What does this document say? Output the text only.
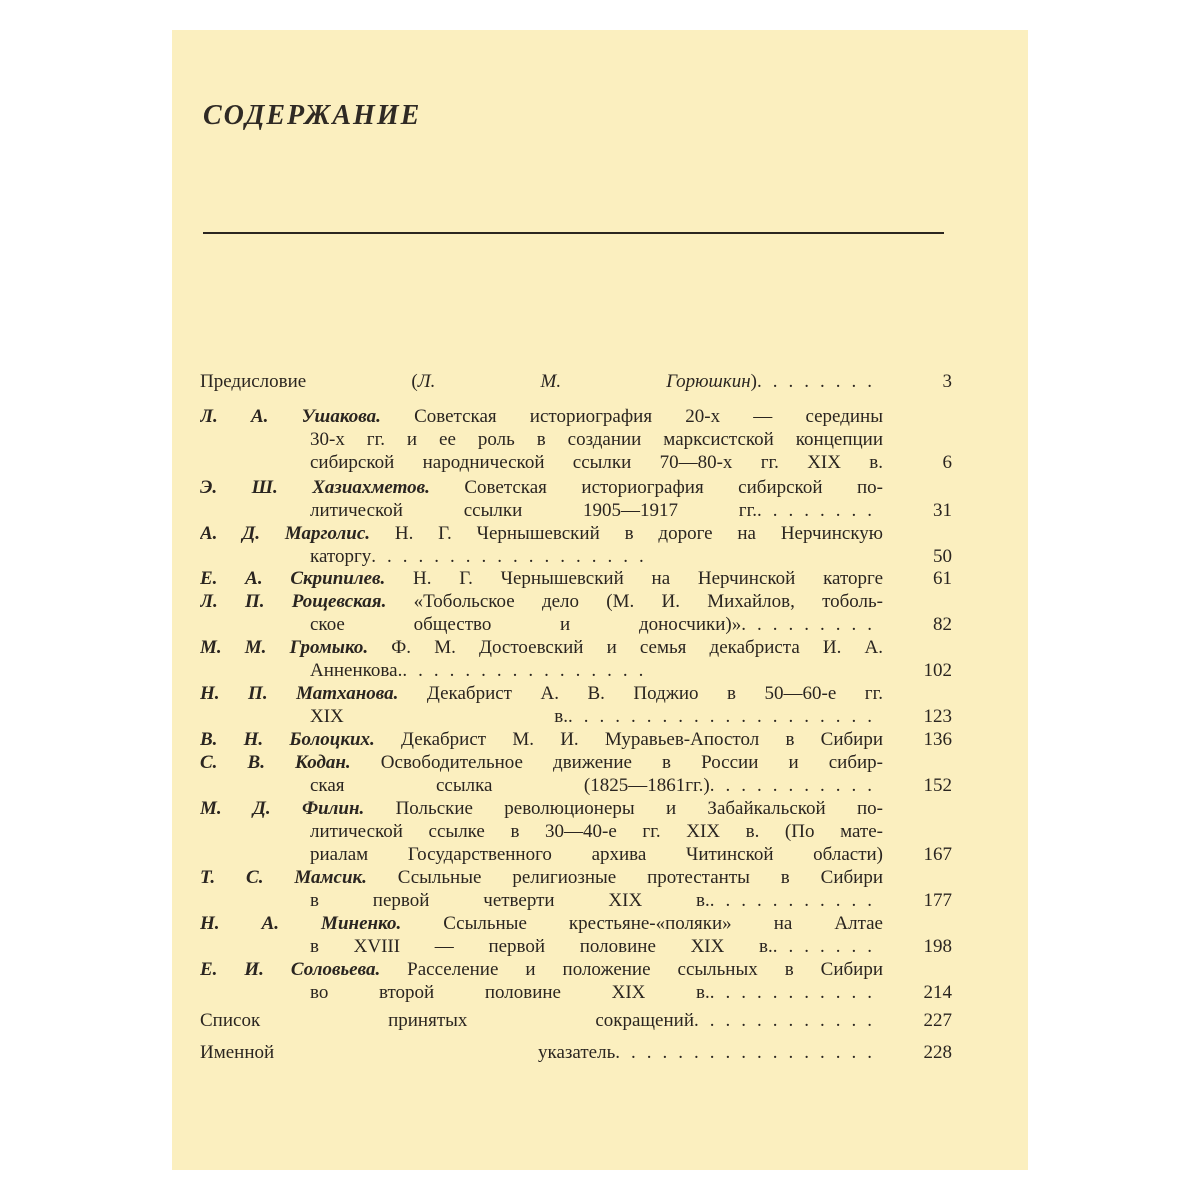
СОДЕРЖАНИЕ
Предисловие (Л. М. Горюшкин)........	3
Л. А. Ушакова. Советская историография 20-х — середины
30-х гг. и ее роль в создании марксистской концепции
сибирской народнической ссылки 70—80-х гг. XIX в.	6
Э. Ш. Хазиахметов. Советская историография сибирской по-
литической ссылки 1905—1917 гг.........	31
А. Д. Марголис. Н. Г. Чернышевский в дороге на Нерчинскую
каторгу..................	50
Е. А. Скрипилев. Н. Г. Чернышевский на Нерчинской каторге	61
Л. П. Рощевская. «Тобольское дело (М. И. Михайлов, тоболь-
ское общество и доносчики)».........	82
М. М. Громыко. Ф. М. Достоевский и семья декабриста И. А.
Анненкова.................	102
Н. П. Матханова. Декабрист А. В. Поджио в 50—60-е гг.
XIX в.....................	123
В. Н. Болоцких. Декабрист М. И. Муравьев-Апостол в Сибири	136
С. В. Кодан. Освободительное движение в России и сибир-
ская ссылка (1825—1861гг.)...........	152
М. Д. Филин. Польские революционеры и Забайкальской по-
литической ссылке в 30—40-е гг. XIX в. (По мате-
риалам Государственного архива Читинской области)	167
Т. С. Мамсик. Ссыльные религиозные протестанты в Сибири
в первой четверти XIX в............	177
Н. А. Миненко. Ссыльные крестьяне-«поляки» на Алтае
в XVIII — первой половине XIX в........	198
Е. И. Соловьева. Расселение и положение ссыльных в Сибири
во второй половине XIX в............	214
Список принятых сокращений............	227
Именной указатель.................	228
